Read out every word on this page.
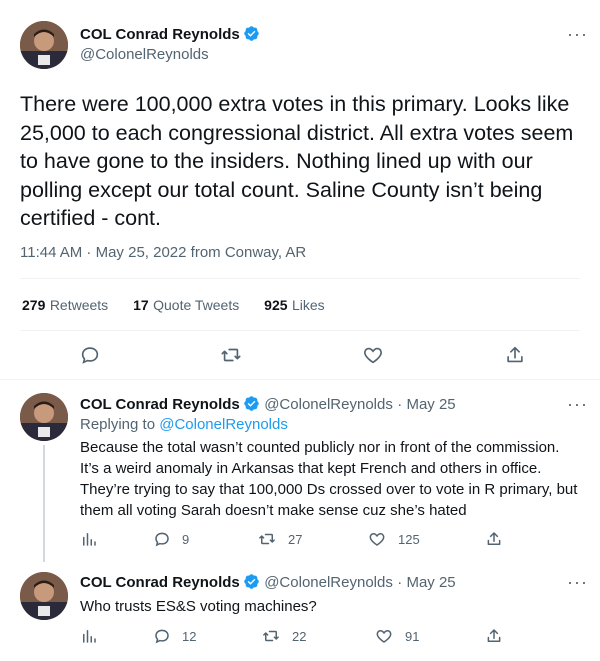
COL Conrad Reynolds
@ColonelReynolds
···
There were 100,000 extra votes in this primary. Looks like 25,000 to each congressional district. All extra votes seem to have gone to the insiders. Nothing lined up with our polling except our total count. Saline County isn’t being certified - cont.
11:44 AM · May 25, 2022 from Conway, AR
279 Retweets 17 Quote Tweets 925 Likes
COL Conrad Reynolds @ColonelReynolds · May 25	···
Replying to @ColonelReynolds
Because the total wasn’t counted publicly nor in front of the commission. It’s a weird anomaly in Arkansas that kept French and others in office. They’re trying to say that 100,000 Ds crossed over to vote in R primary, but them all voting Sarah doesn’t make sense cuz she’s hated
9	27	125
COL Conrad Reynolds @ColonelReynolds · May 25	···
Who trusts ES&S voting machines?
12	22	91
